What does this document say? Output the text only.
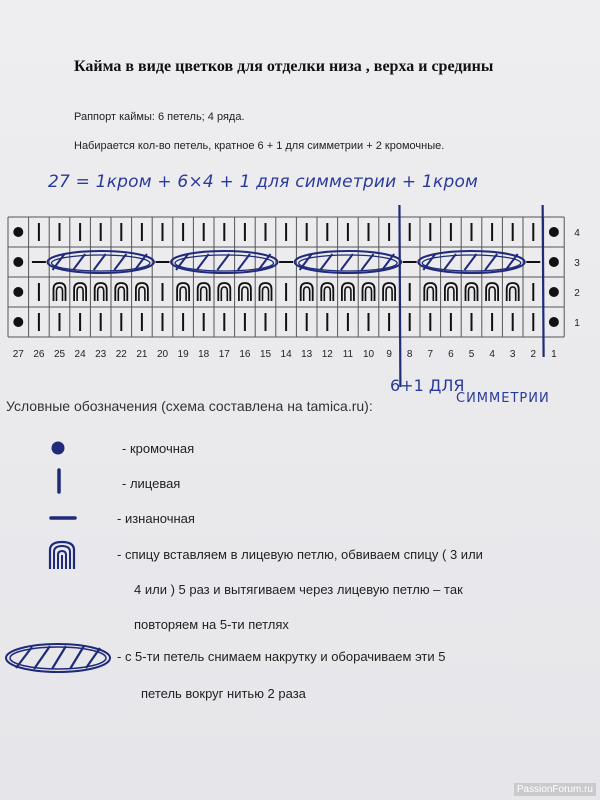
Кайма в виде цветков для отделки низа , верха и средины
Раппорт каймы: 6 петель; 4 ряда.
Набирается кол-во петель, кратное 6 + 1 для симметрии + 2 кромочные.
27 = 1кром + 6×4 + 1 для симметрии + 1кром
4
3
2
1
27 26 25 24 23 22 21 20 19 18 17 16 15 14 13 12 11 10 9 8 7 6 5 4 3 2 1
6+1 ДЛЯ
СИММЕТРИИ
Условные обозначения (схема составлена на tamica.ru):
- кромочная
- лицевая
- изнаночная
- спицу вставляем в лицевую петлю, обвиваем спицу ( 3 или
4 или ) 5 раз и вытягиваем через лицевую петлю – так
повторяем на 5-ти петлях
- с 5-ти петель снимаем накрутку и оборачиваем эти 5
петель вокруг нитью 2 раза
PassionForum.ru
